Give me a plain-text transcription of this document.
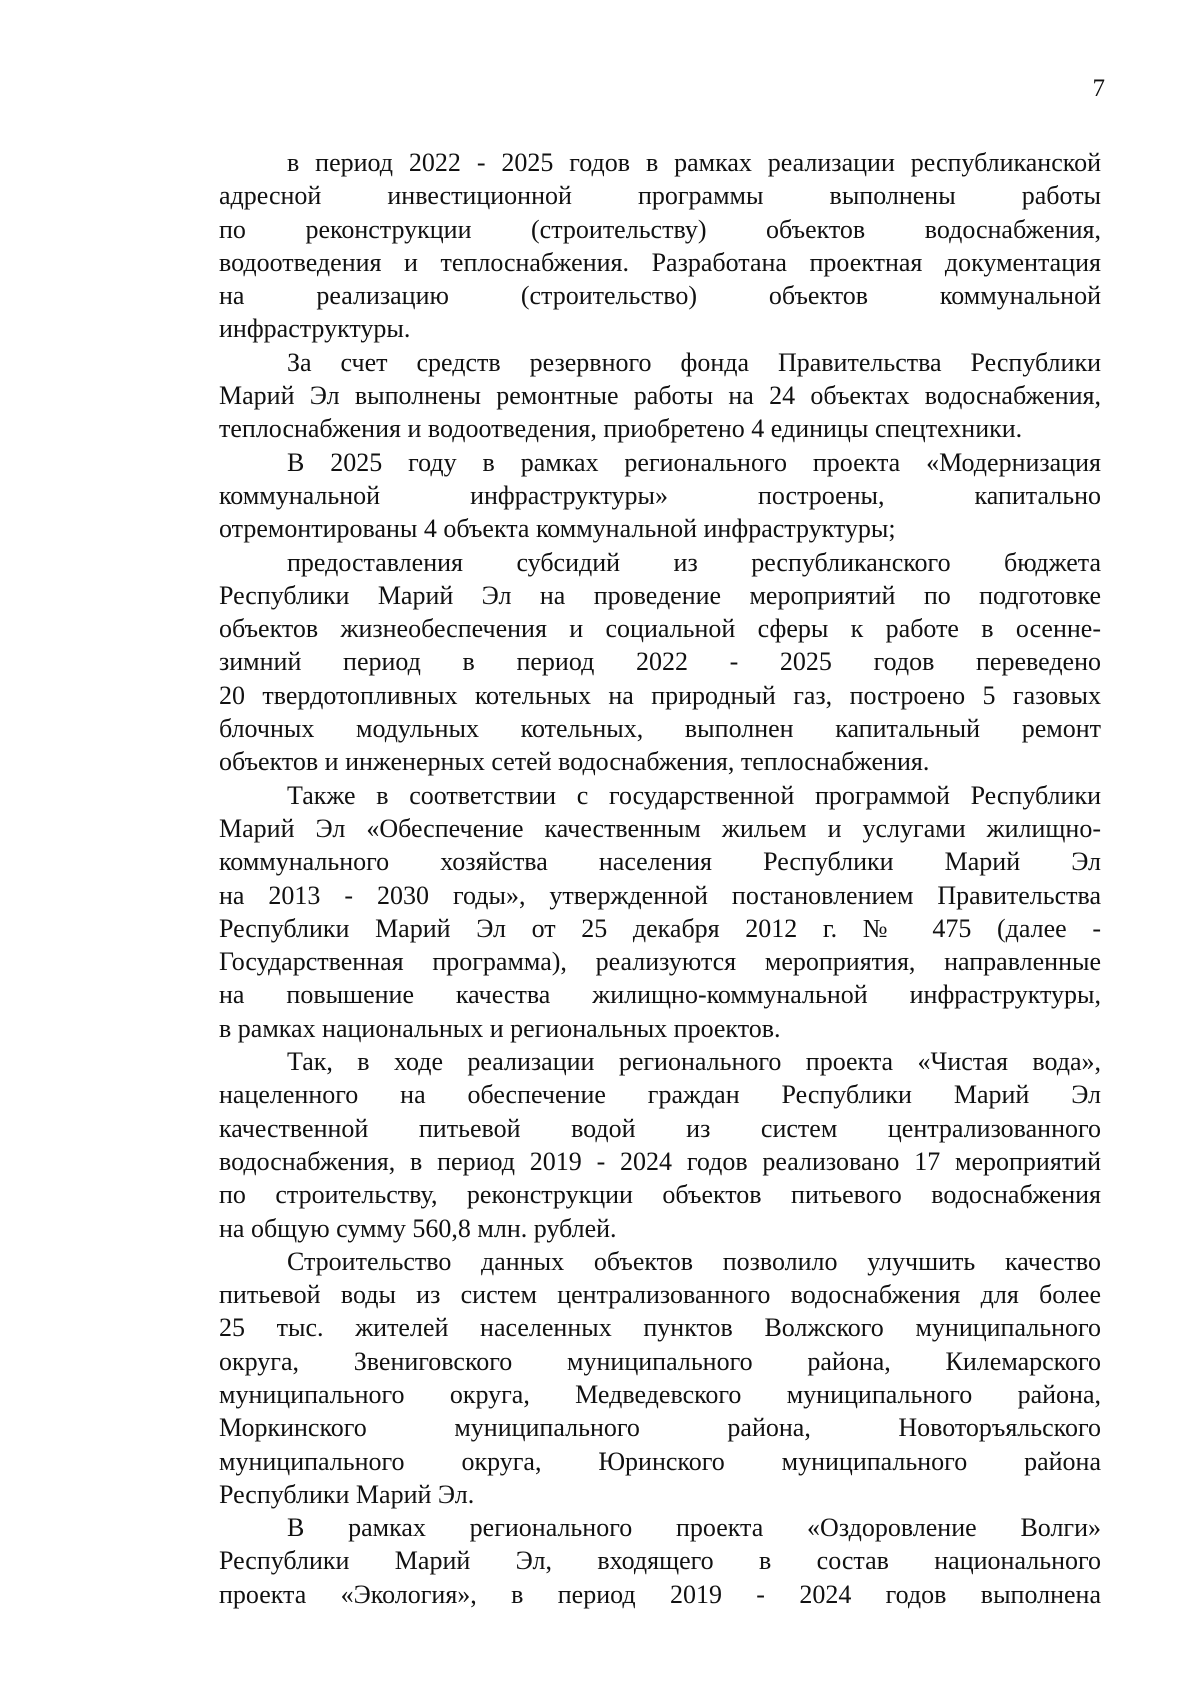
7
в период 2022 - 2025 годов в рамках реализации республиканской
адресной инвестиционной программы выполнены работы
по реконструкции (строительству) объектов водоснабжения,
водоотведения и теплоснабжения. Разработана проектная документация
на реализацию (строительство) объектов коммунальной
инфраструктуры.
За счет средств резервного фонда Правительства Республики
Марий Эл выполнены ремонтные работы на 24 объектах водоснабжения,
теплоснабжения и водоотведения, приобретено 4 единицы спецтехники.
В 2025 году в рамках регионального проекта «Модернизация
коммунальной инфраструктуры» построены, капитально
отремонтированы 4 объекта коммунальной инфраструктуры;
предоставления субсидий из республиканского бюджета
Республики Марий Эл на проведение мероприятий по подготовке
объектов жизнеобеспечения и социальной сферы к работе в осенне-
зимний период в период 2022 - 2025 годов переведено
20 твердотопливных котельных на природный газ, построено 5 газовых
блочных модульных котельных, выполнен капитальный ремонт
объектов и инженерных сетей водоснабжения, теплоснабжения.
Также в соответствии с государственной программой Республики
Марий Эл «Обеспечение качественным жильем и услугами жилищно-
коммунального хозяйства населения Республики Марий Эл
на 2013 - 2030 годы», утвержденной постановлением Правительства
Республики Марий Эл от 25 декабря 2012 г. № 475 (далее -
Государственная программа), реализуются мероприятия, направленные
на повышение качества жилищно-коммунальной инфраструктуры,
в рамках национальных и региональных проектов.
Так, в ходе реализации регионального проекта «Чистая вода»,
нацеленного на обеспечение граждан Республики Марий Эл
качественной питьевой водой из систем централизованного
водоснабжения, в период 2019 - 2024 годов реализовано 17 мероприятий
по строительству, реконструкции объектов питьевого водоснабжения
на общую сумму 560,8 млн. рублей.
Строительство данных объектов позволило улучшить качество
питьевой воды из систем централизованного водоснабжения для более
25 тыс. жителей населенных пунктов Волжского муниципального
округа, Звениговского муниципального района, Килемарского
муниципального округа, Медведевского муниципального района,
Моркинского муниципального района, Новоторъяльского
муниципального округа, Юринского муниципального района
Республики Марий Эл.
В рамках регионального проекта «Оздоровление Волги»
Республики Марий Эл, входящего в состав национального
проекта «Экология», в период 2019 - 2024 годов выполнена
